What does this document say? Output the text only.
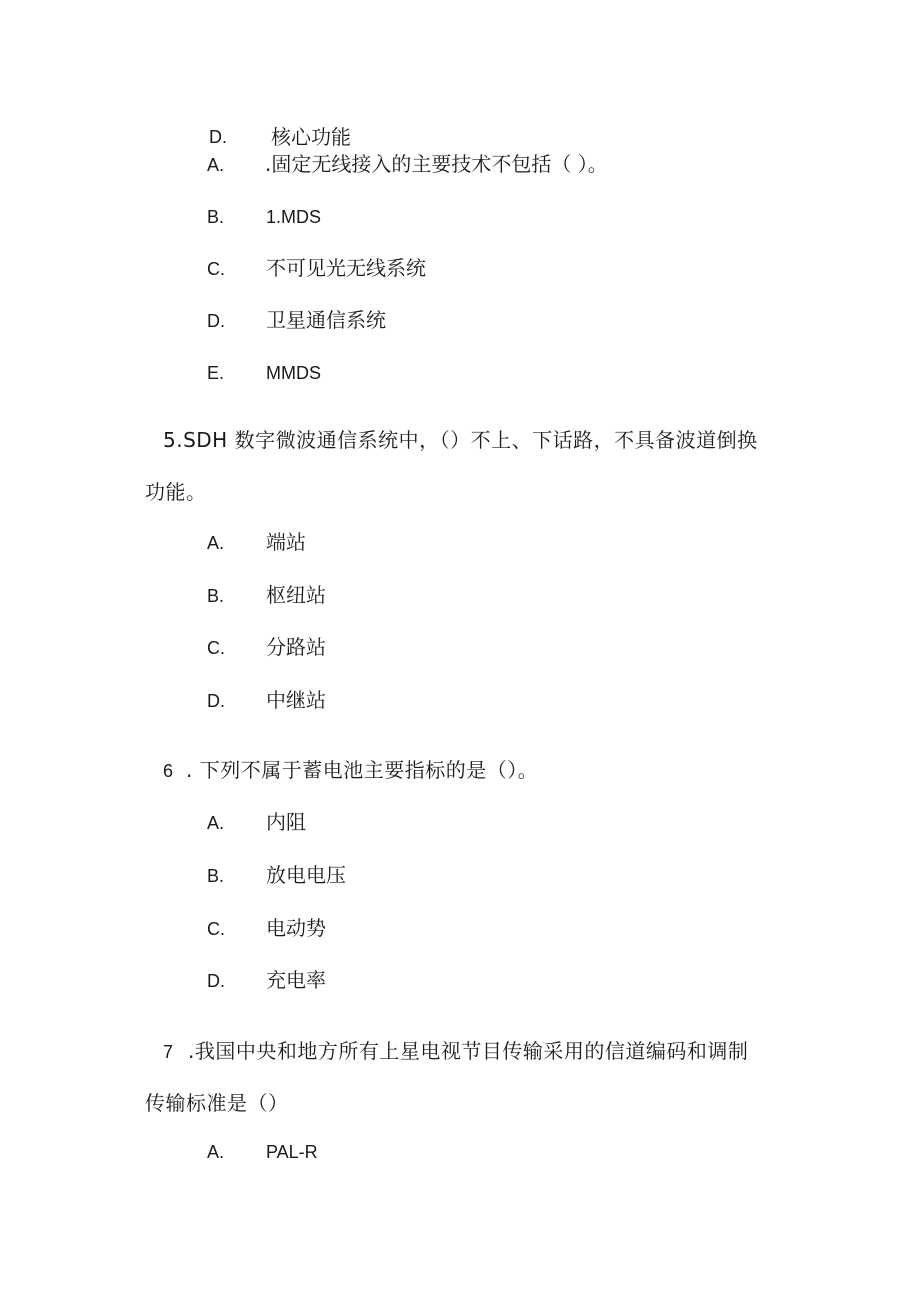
D. 核心功能
A. .固定无线接入的主要技术不包括（ ）。
B. 1.MDS
C. 不可见光无线系统
D. 卫星通信系统
E. MMDS
5.SDH 数字微波通信系统中，（）不上、下话路，不具备波道倒换
功能。
A. 端站
B. 枢纽站
C. 分路站
D. 中继站
6 . 下列不属于蓄电池主要指标的是（）。
A. 内阻
B. 放电电压
C. 电动势
D. 充电率
7 .我国中央和地方所有上星电视节目传输采用的信道编码和调制
传输标准是（）
A. PAL-R
